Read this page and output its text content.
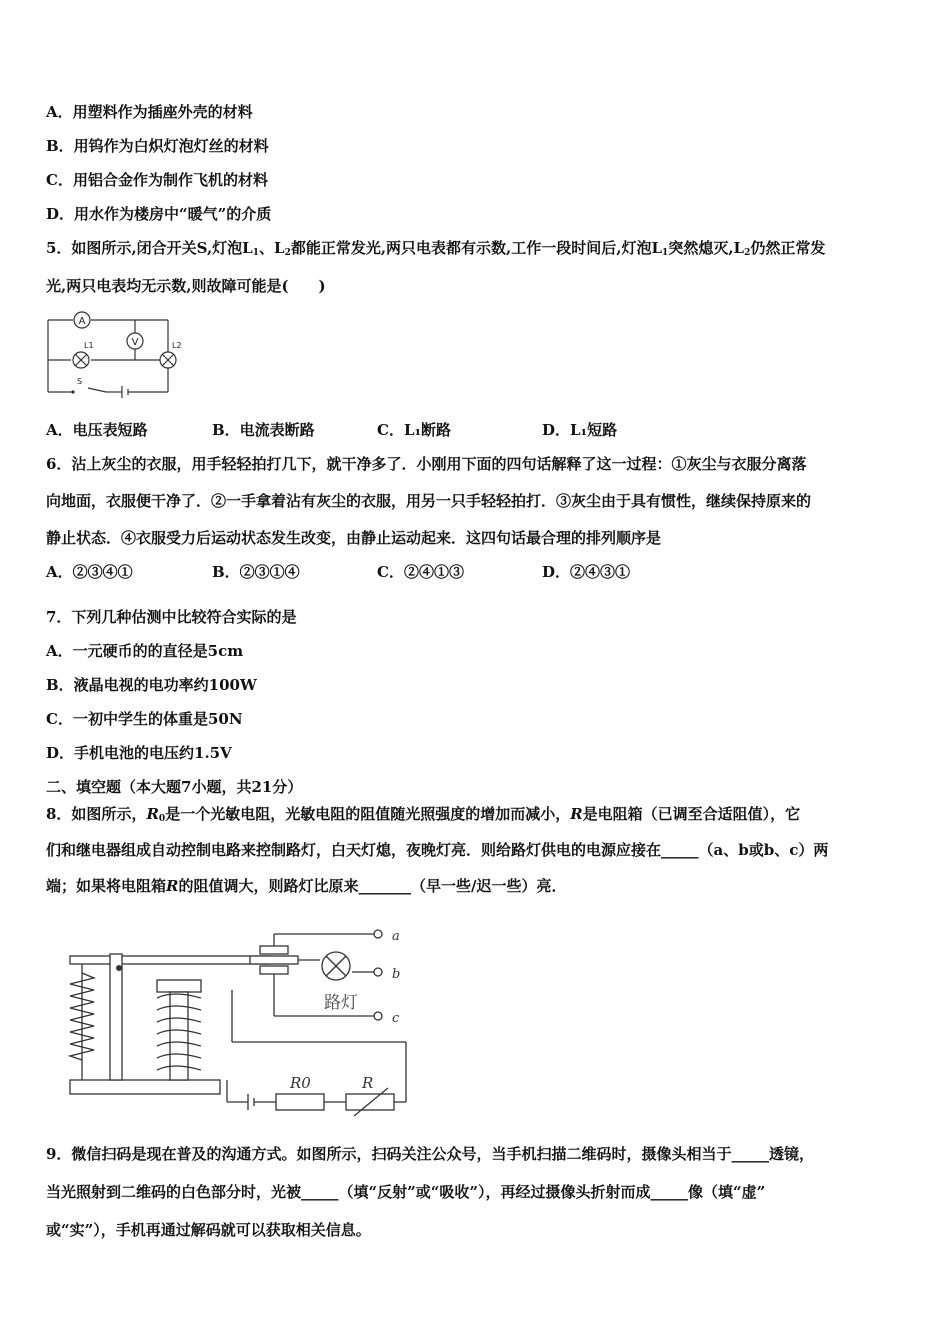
A．用塑料作为插座外壳的材料
B．用钨作为白炽灯泡灯丝的材料
C．用铝合金作为制作飞机的材料
D．用水作为楼房中“暖气”的介质
5．如图所示,闭合开关S,灯泡$L_1$、$L_2$都能正常发光,两只电表都有示数,工作一段时间后,灯泡$L_1$突然熄灭$,L_2$仍然正常发
光,两只电表均无示数,则故障可能是(　　)
A
V
L1	L2
S
A．电压表短路	B．电流表断路	C．L₁断路	D．L₁短路
6．沾上灰尘的衣服，用手轻轻拍打几下，就干净多了．小刚用下面的四句话解释了这一过程：①灰尘与衣服分离落
向地面，衣服便干净了．②一手拿着沾有灰尘的衣服，用另一只手轻轻拍打．③灰尘由于具有惯性，继续保持原来的
静止状态．④衣服受力后运动状态发生改变，由静止运动起来．这四句话最合理的排列顺序是
A．②③④①	B．②③①④	C．②④①③	D．②④③①
7．下列几种估测中比较符合实际的是
A．一元硬币的的直径是5cm
B．液晶电视的电功率约100W
C．一初中学生的体重是50N
D．手机电池的电压约1.5V
二、填空题（本大题7小题，共21分）
8．如图所示，$R_0$是一个光敏电阻，光敏电阻的阻值随光照强度的增加而减小，R是电阻箱（已调至合适阻值），它
们和继电器组成自动控制电路来控制路灯，白天灯熄，夜晚灯亮．则给路灯供电的电源应接在_____（a、b或b、c）两
端；如果将电阻箱R的阻值调大，则路灯比原来_______（早一些/迟一些）亮．
a
b
c
路灯
R0	R
9．微信扫码是现在普及的沟通方式。如图所示，扫码关注公众号，当手机扫描二维码时，摄像头相当于_____透镜，
当光照射到二维码的白色部分时，光被_____（填“反射”或“吸收”），再经过摄像头折射而成_____像（填“虚”
或“实”），手机再通过解码就可以获取相关信息。
